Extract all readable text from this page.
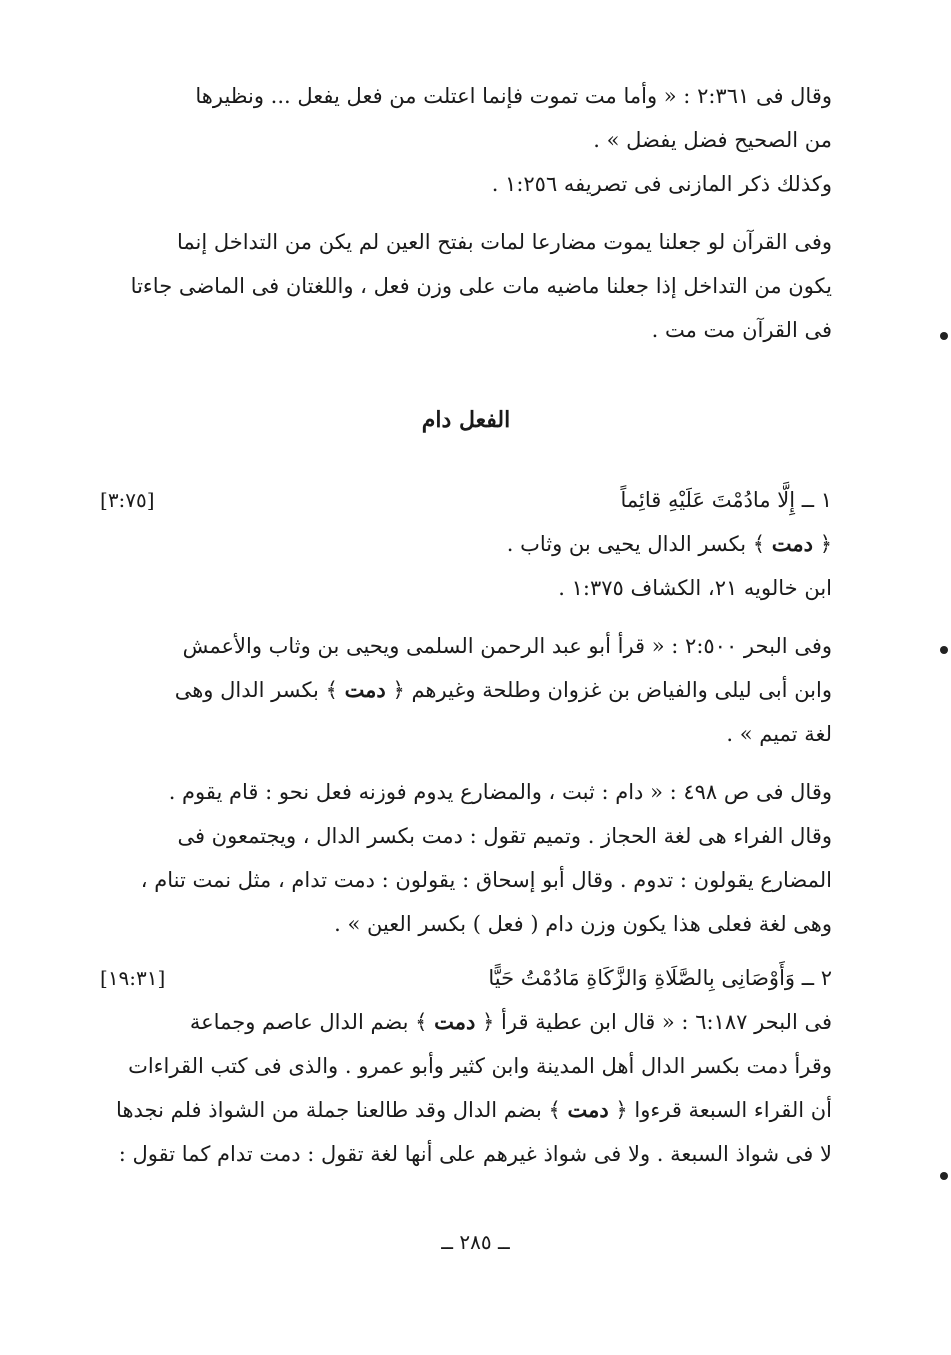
وقال فى ٢:٣٦١ : « وأما مت تموت فإنما اعتلت من فعل يفعل ... ونظيرها

من الصحيح فضل يفضل » .

وكذلك ذكر المازنى فى تصريفه ١:٢٥٦ .

وفى القرآن لو جعلنا يموت مضارعا لمات بفتح العين لم يكن من التداخل إنما

يكون من التداخل إذا جعلنا ماضيه مات على وزن فعل ، واللغتان فى الماضى جاءتا

فى القرآن مت مت .

الفعل دام
١ ــ إِلَّا مادُمْتَ عَلَيْهِ قائِماً
[٣:٧٥]

﴿ دمت ﴾ بكسر الدال يحيى بن وثاب .

ابن خالويه ٢١، الكشاف ١:٣٧٥ .

وفى البحر ٢:٥٠٠ : « قرأ أبو عبد الرحمن السلمى ويحيى بن وثاب والأعمش

وابن أبى ليلى والفياض بن غزوان وطلحة وغيرهم ﴿ دمت ﴾ بكسر الدال وهى

لغة تميم » .

وقال فى ص ٤٩٨ : « دام : ثبت ، والمضارع يدوم فوزنه فعل نحو : قام يقوم .

وقال الفراء هى لغة الحجاز . وتميم تقول : دمت بكسر الدال ، ويجتمعون فى

المضارع يقولون : تدوم . وقال أبو إسحاق : يقولون : دمت تدام ، مثل نمت تنام ،

وهى لغة فعلى هذا يكون وزن دام ( فعل ) بكسر العين » .

٢ ــ وَأَوْصَانِى بِالصَّلَاةِ وَالزَّكَاةِ مَادُمْتُ حَيًّا
[١٩:٣١]

فى البحر ٦:١٨٧ : « قال ابن عطية قرأ ﴿ دمت ﴾ بضم الدال عاصم وجماعة

وقرأ دمت بكسر الدال أهل المدينة وابن كثير وأبو عمرو . والذى فى كتب القراءات

أن القراء السبعة قرءوا ﴿ دمت ﴾ بضم الدال وقد طالعنا جملة من الشواذ فلم نجدها

لا فى شواذ السبعة . ولا فى شواذ غيرهم على أنها لغة تقول : دمت تدام كما تقول :

ــ ٢٨٥ ــ
